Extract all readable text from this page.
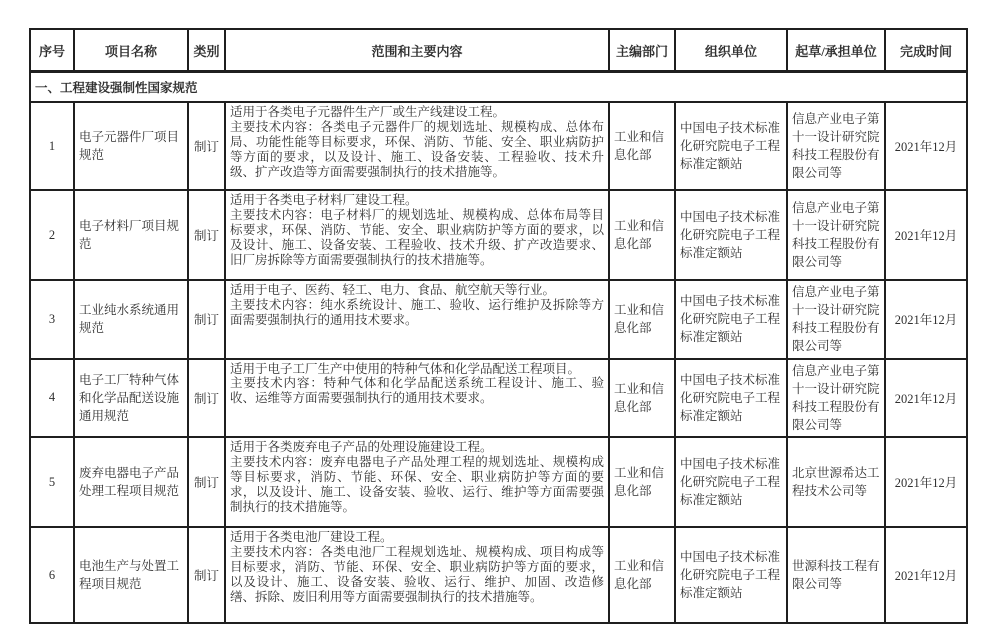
序号	项目名称	类别	范围和主要内容	主编部门	组织单位	起草/承担单位	完成时间
一、工程建设强制性国家规范							
1	电子元器件厂项目规范	制订	适用于各类电子元器件生产厂或生产线建设工程。
主要技术内容：各类电子元器件厂的规划选址、规模构成、总体布局、功能性能等目标要求，环保、消防、节能、安全、职业病防护等方面的要求，以及设计、施工、设备安装、工程验收、技术升级、扩产改造等方面需要强制执行的技术措施等。	工业和信息化部	中国电子技术标准化研究院电子工程标准定额站	信息产业电子第十一设计研究院科技工程股份有限公司等	2021年12月
2	电子材料厂项目规范	制订	适用于各类电子材料厂建设工程。
主要技术内容：电子材料厂的规划选址、规模构成、总体布局等目标要求，环保、消防、节能、安全、职业病防护等方面的要求，以及设计、施工、设备安装、工程验收、技术升级、扩产改造要求、旧厂房拆除等方面需要强制执行的技术措施等。	工业和信息化部	中国电子技术标准化研究院电子工程标准定额站	信息产业电子第十一设计研究院科技工程股份有限公司等	2021年12月
3	工业纯水系统通用规范	制订	适用于电子、医药、轻工、电力、食品、航空航天等行业。
主要技术内容：纯水系统设计、施工、验收、运行维护及拆除等方面需要强制执行的通用技术要求。	工业和信息化部	中国电子技术标准化研究院电子工程标准定额站	信息产业电子第十一设计研究院科技工程股份有限公司等	2021年12月
4	电子工厂特种气体和化学品配送设施通用规范	制订	适用于电子工厂生产中使用的特种气体和化学品配送工程项目。
主要技术内容：特种气体和化学品配送系统工程设计、施工、验收、运维等方面需要强制执行的通用技术要求。	工业和信息化部	中国电子技术标准化研究院电子工程标准定额站	信息产业电子第十一设计研究院科技工程股份有限公司等	2021年12月
5	废弃电器电子产品处理工程项目规范	制订	适用于各类废弃电子产品的处理设施建设工程。
主要技术内容：废弃电器电子产品处理工程的规划选址、规模构成等目标要求，消防、节能、环保、安全、职业病防护等方面的要求，以及设计、施工、设备安装、验收、运行、维护等方面需要强制执行的技术措施等。	工业和信息化部	中国电子技术标准化研究院电子工程标准定额站	北京世源希达工程技术公司等	2021年12月
6	电池生产与处置工程项目规范	制订	适用于各类电池厂建设工程。
主要技术内容：各类电池厂工程规划选址、规模构成、项目构成等目标要求，消防、节能、环保、安全、职业病防护等方面的要求，以及设计、施工、设备安装、验收、运行、维护、加固、改造修缮、拆除、废旧利用等方面需要强制执行的技术措施等。	工业和信息化部	中国电子技术标准化研究院电子工程标准定额站	世源科技工程有限公司等	2021年12月
